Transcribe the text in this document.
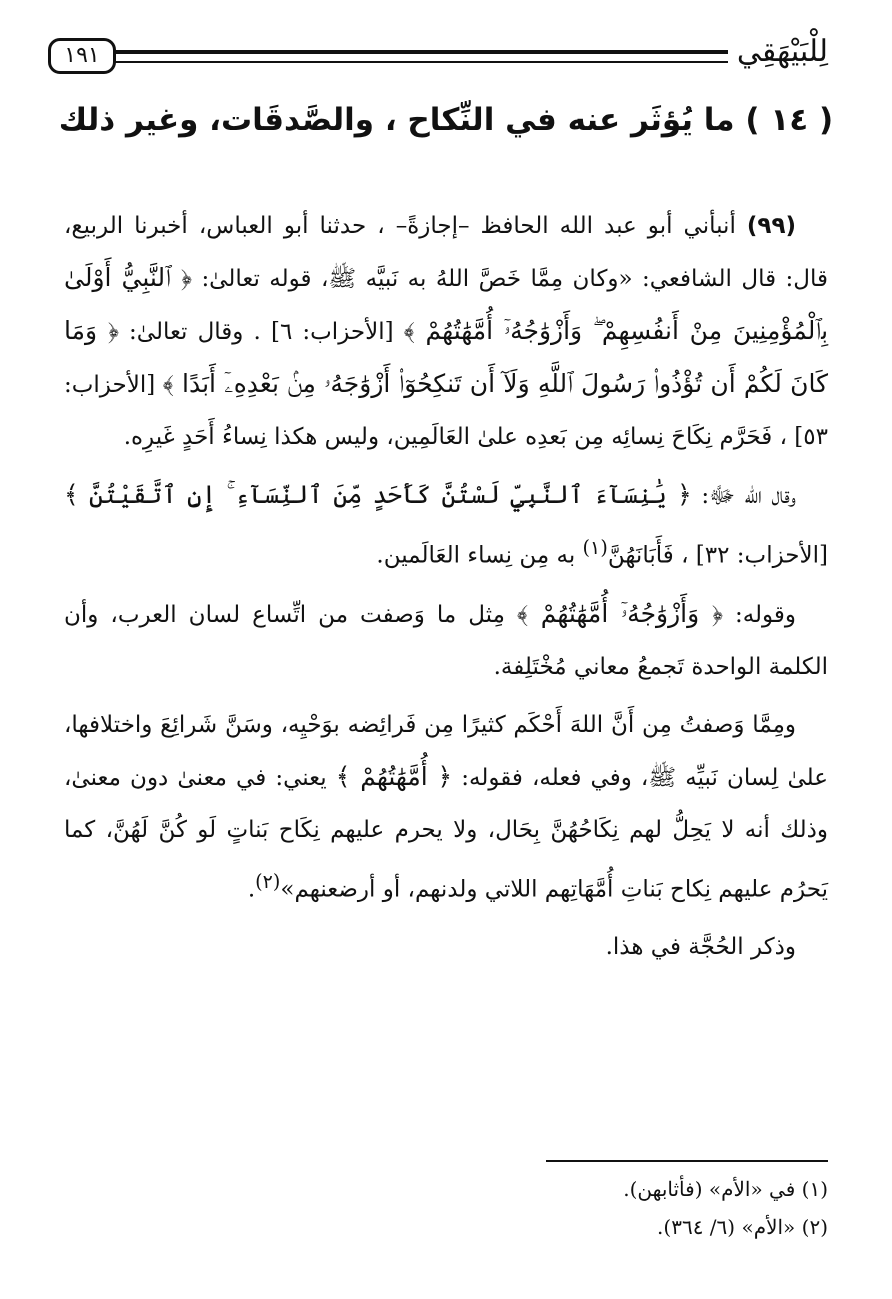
لِلْبَيْهَقِي
١٩١
( ١٤ ) ما يُؤثَر عنه في النِّكاح ، والصَّدقَات، وغير ذلك

(٩٩) أنبأني أبو عبد الله الحافظ –إجازةً– ، حدثنا أبو العباس، أخبرنا الربيع، قال: قال الشافعي: «وكان مِمَّا خَصَّ اللهُ به نَبيَّه ﷺ، قوله تعالىٰ: ﴿ ٱلنَّبِيُّ أَوْلَىٰ بِٱلْمُؤْمِنِينَ مِنْ أَنفُسِهِمْ ۖ وَأَزْوَٰجُهُۥٓ أُمَّهَٰتُهُمْ ﴾ [الأحزاب: ٦] . وقال تعالىٰ: ﴿ وَمَا كَانَ لَكُمْ أَن تُؤْذُوا۟ رَسُولَ ٱللَّهِ وَلَآ أَن تَنكِحُوٓا۟ أَزْوَٰجَهُۥ مِنۢ بَعْدِهِۦٓ أَبَدًا ﴾ [الأحزاب: ٥٣] ، فَحَرَّم نِكَاحَ نِسائِه مِن بَعدِه علىٰ العَالَمِين، وليس هكذا نِساءُ أَحَدٍ غَيرِه.

وقال الله ﷻ: ﴿ يَٰنِسَآءَ ٱلنَّبِيِّ لَسْتُنَّ كَأَحَدٍ مِّنَ ٱلنِّسَآءِ ۚ إِنِ ٱتَّقَيْتُنَّ ﴾ [الأحزاب: ٣٢] ، فَأَبَانَهُنَّ$^{(١)}$ به مِن نِساء العَالَمين.

وقوله: ﴿ وَأَزْوَٰجُهُۥٓ أُمَّهَٰتُهُمْ ﴾ مِثل ما وَصفت من اتِّساع لسان العرب، وأن الكلمة الواحدة تَجمعُ معاني مُخْتَلِفة.

ومِمَّا وَصفتُ مِن أَنَّ اللهَ أَحْكَم كثيرًا مِن فَرائِضه بوَحْيِه، وسَنَّ شَرائِعَ واختلافها، علىٰ لِسان نَبيِّه ﷺ، وفي فعله، فقوله: ﴿ أُمَّهَٰتُهُمْ ﴾ يعني: في معنىٰ دون معنىٰ، وذلك أنه لا يَحِلُّ لهم نِكَاحُهُنَّ بِحَال، ولا يحرم عليهم نِكَاح بَناتٍ لَو كُنَّ لَهُنَّ، كما يَحرُم عليهم نِكاح بَناتِ أُمَّهَاتِهم اللاتي ولدنهم، أو أرضعنهم»$^{(٢)}$.

وذكر الحُجَّة في هذا.

(١) في «الأم» (فأثابهن).

(٢) «الأم» (٦/ ٣٦٤).
